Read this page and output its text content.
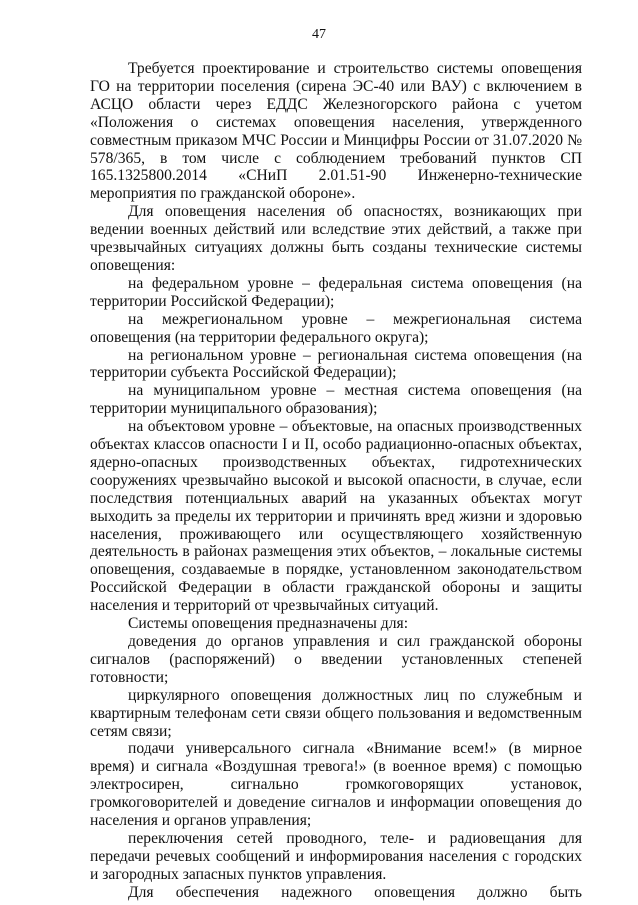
47

Требуется проектирование и строительство системы оповещения ГО на территории поселения (сирена ЭС-40 или ВАУ) с включением в АСЦО области через ЕДДС Железногорского района с учетом «Положения о системах оповещения населения, утвержденного совместным приказом МЧС России и Минцифры России от 31.07.2020 № 578/365, в том числе с соблюдением требований пунктов СП 165.1325800.2014 «СНиП 2.01.51-90 Инженерно-технические мероприятия по гражданской обороне».

Для оповещения населения об опасностях, возникающих при ведении военных действий или вследствие этих действий, а также при чрезвычайных ситуациях должны быть созданы технические системы оповещения:

на федеральном уровне – федеральная система оповещения (на территории Российской Федерации);

на межрегиональном уровне – межрегиональная система оповещения (на территории федерального округа);

на региональном уровне – региональная система оповещения (на территории субъекта Российской Федерации);

на муниципальном уровне – местная система оповещения (на территории муниципального образования);

на объектовом уровне – объектовые, на опасных производственных объектах классов опасности I и II, особо радиационно-опасных объектах, ядерно-опасных производственных объектах, гидротехнических сооружениях чрезвычайно высокой и высокой опасности, в случае, если последствия потенциальных аварий на указанных объектах могут выходить за пределы их территории и причинять вред жизни и здоровью населения, проживающего или осуществляющего хозяйственную деятельность в районах размещения этих объектов, – локальные системы оповещения, создаваемые в порядке, установленном законодательством Российской Федерации в области гражданской обороны и защиты населения и территорий от чрезвычайных ситуаций.

Системы оповещения предназначены для:

доведения до органов управления и сил гражданской обороны сигналов (распоряжений) о введении установленных степеней готовности;

циркулярного оповещения должностных лиц по служебным и квартирным телефонам сети связи общего пользования и ведомственным сетям связи;

подачи универсального сигнала «Внимание всем!» (в мирное время) и сигнала «Воздушная тревога!» (в военное время) с помощью электросирен, сигнально громкоговорящих установок, громкоговорителей и доведение сигналов и информации оповещения до населения и органов управления;

переключения сетей проводного, теле- и радиовещания для передачи речевых сообщений и информирования населения с городских и загородных запасных пунктов управления.

Для обеспечения надежного оповещения должно быть
